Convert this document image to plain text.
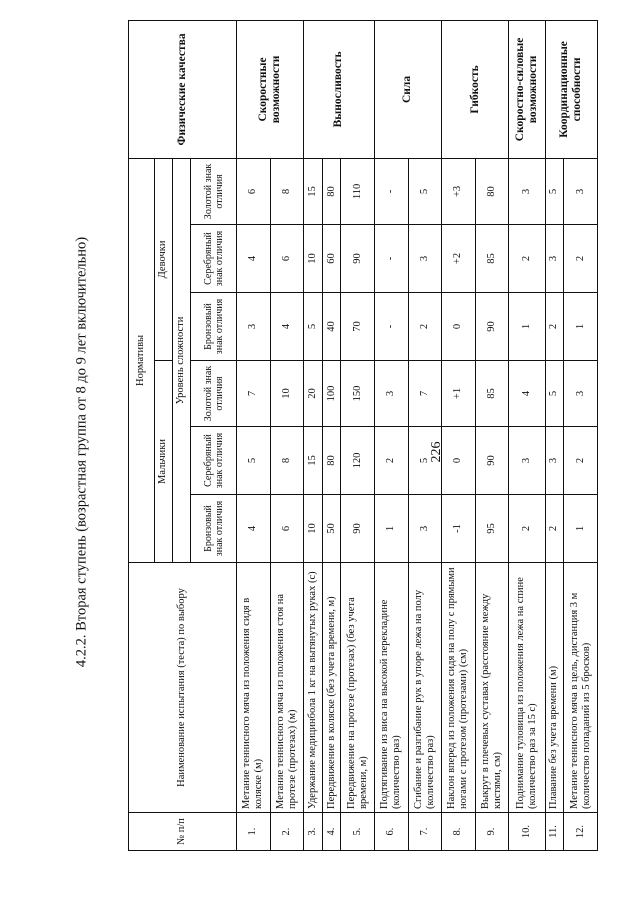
226
4.2.2. Вторая ступень (возрастная группа от 8 до 9 лет включительно)
№ п/п	Наименование испытания (теста) по выбору	Нормативы						Физические качества
		Мальчики			Девочки			
		Уровень сложности						
		Бронзовый знак отличия	Серебряный знак отличия	Золотой знак отличия	Бронзовый знак отличия	Серебряный знак отличия	Золотой знак отличия	
1.	Метание теннисного мяча из положения сидя в коляске (м)	4	5	7	3	4	6	Скоростные возможности
2.	Метание теннисного мяча из положения стоя на протезе (протезах) (м)	6	8	10	4	6	8	
3.	Удержание медицинбола 1 кг на вытянутых руках (с)	10	15	20	5	10	15	Выносливость
4.	Передвижение в коляске (без учета времени, м)	50	80	100	40	60	80	
5.	Передвижение на протезе (протезах) (без учета времени, м)	90	120	150	70	90	110	
6.	Подтягивание из виса на высокой перекладине (количество раз)	1	2	3	-	-	-	Сила
7.	Сгибание и разгибание рук в упоре лежа на полу (количество раз)	3	5	7	2	3	5	
8.	Наклон вперед из положения сидя на полу с прямыми ногами с протезом (протезами) (см)	-1	0	+1	0	+2	+3	Гибкость
9.	Выкрут в плечевых суставах (расстояние между кистями, см)	95	90	85	90	85	80	
10.	Поднимание туловища из положения лежа на спине (количество раз за 15 с)	2	3	4	1	2	3	Скоростно-силовые возможности
11.	Плавание без учета времени (м)	2	3	5	2	3	5	Координационные способности
12.	Метание теннисного мяча в цель, дистанция 3 м (количество попаданий из 5 бросков)	1	2	3	1	2	3	
